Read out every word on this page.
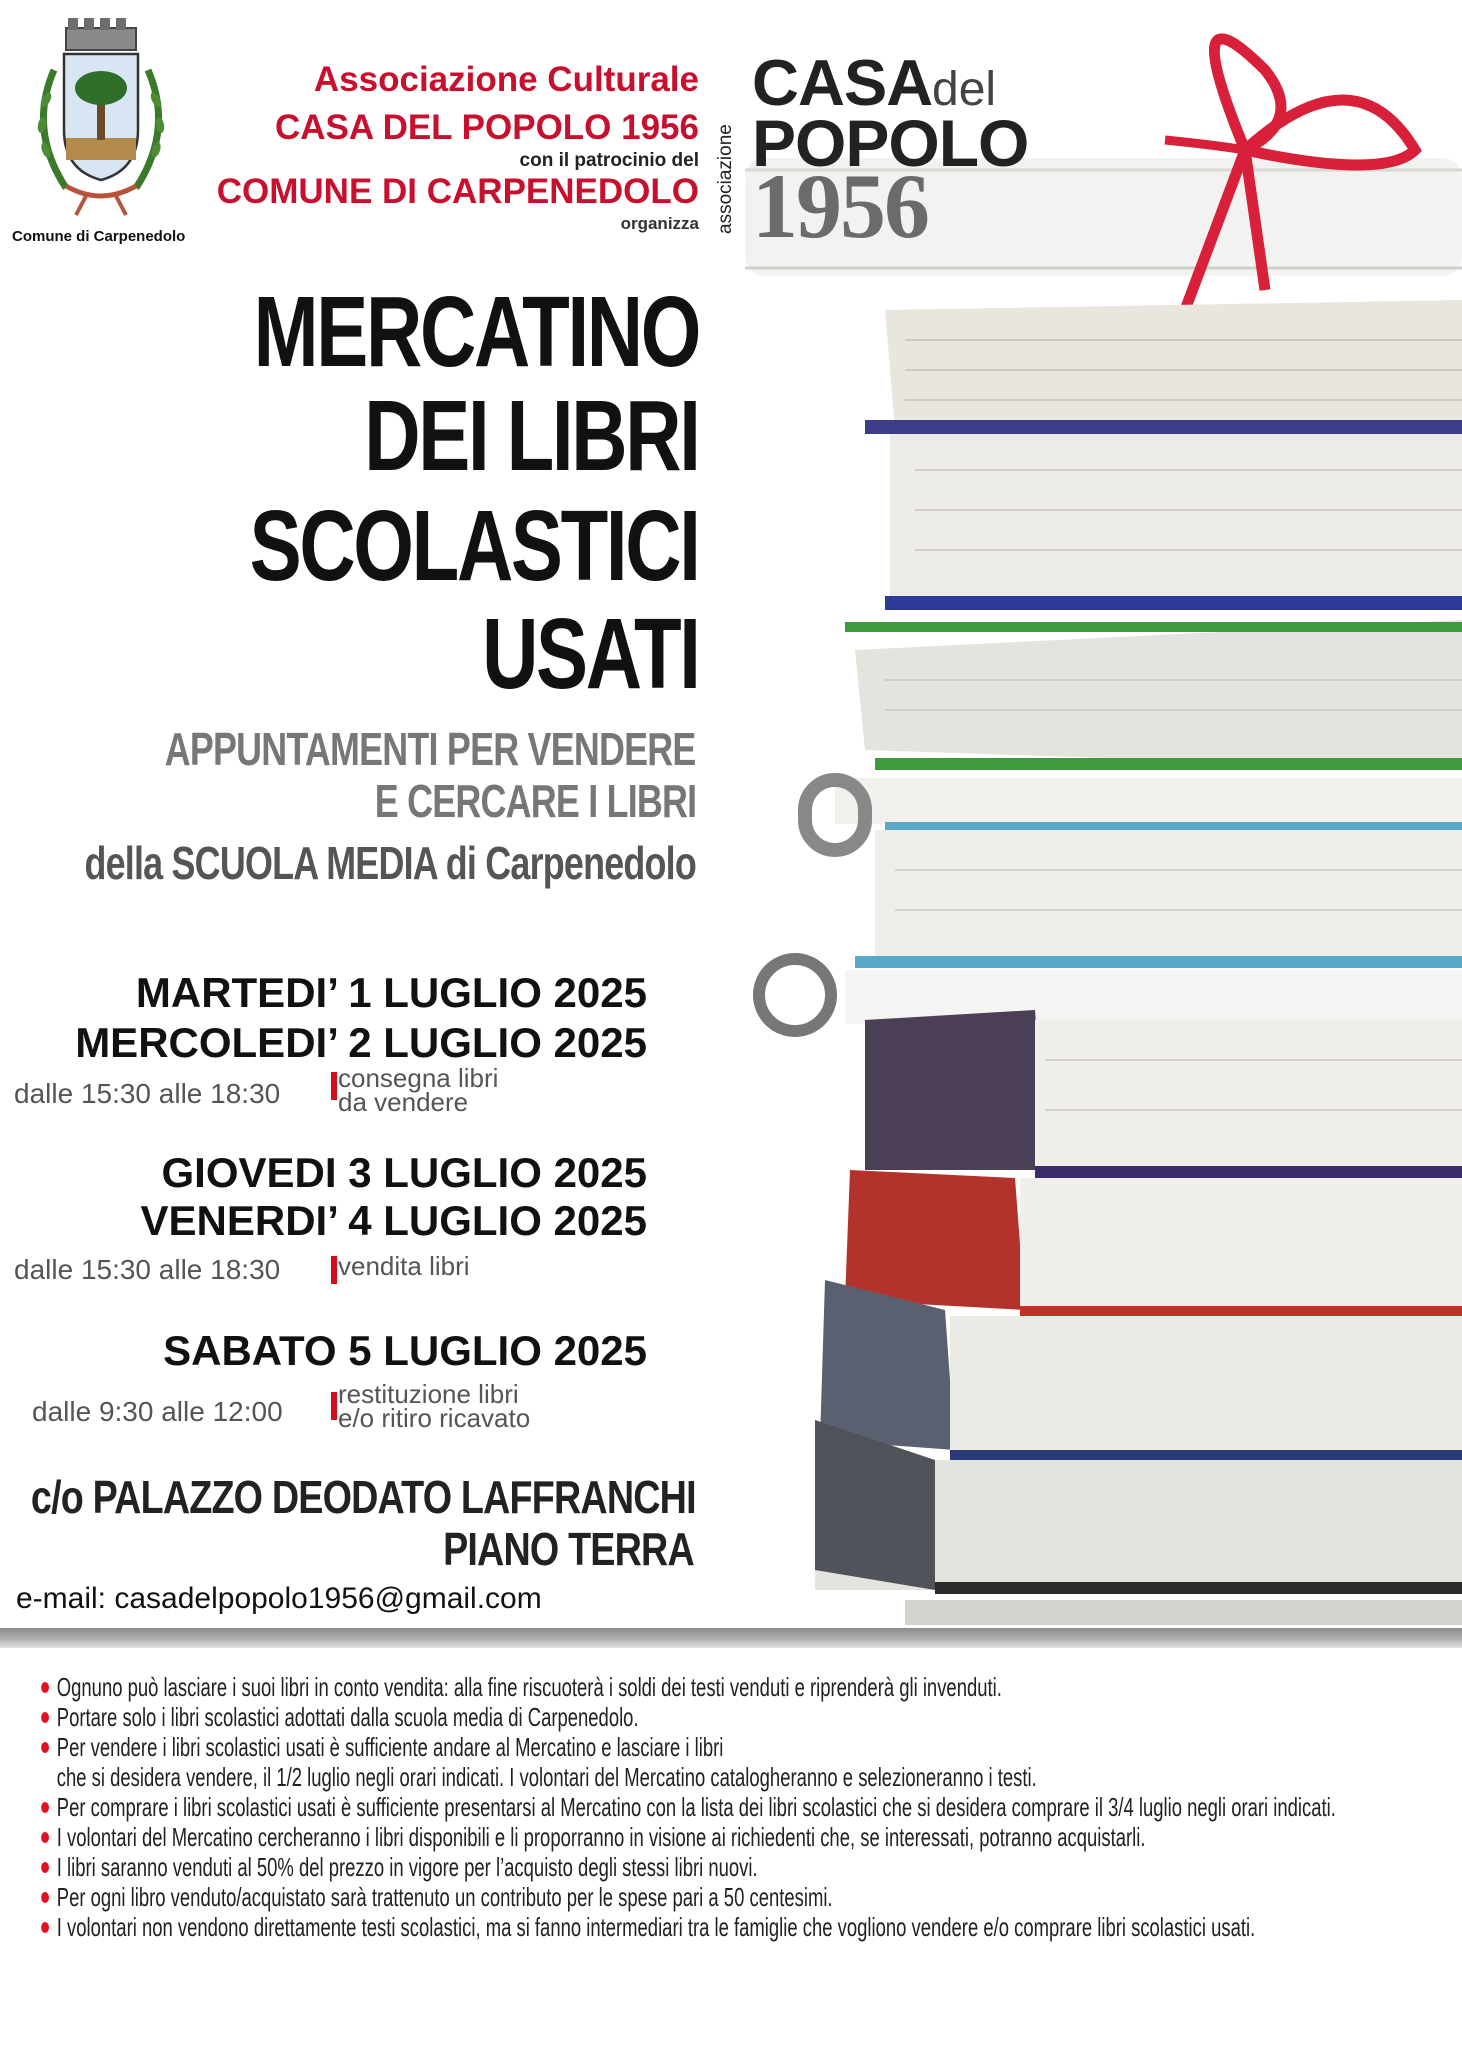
Comune di Carpenedolo
Associazione Culturale
CASA DEL POPOLO 1956
con il patrocinio del
COMUNE DI CARPENEDOLO
organizza associazione
CASA del
POPOLO
1956
MERCATINO
DEI LIBRI
SCOLASTICI
USATI
APPUNTAMENTI PER VENDERE
E CERCARE I LIBRI
della SCUOLA MEDIA di Carpenedolo
MARTEDI’ 1 LUGLIO 2025
MERCOLEDI’ 2 LUGLIO 2025
dalle 15:30 alle 18:30 consegna libri
da vendere
GIOVEDI 3 LUGLIO 2025
VENERDI’ 4 LUGLIO 2025
dalle 15:30 alle 18:30 vendita libri
SABATO 5 LUGLIO 2025
dalle 9:30 alle 12:00
restituzione libri
e/o ritiro ricavato
c/o PALAZZO DEODATO LAFFRANCHI
PIANO TERRA
e-mail: casadelpopolo1956@gmail.com
Ognuno può lasciare i suoi libri in conto vendita: alla fine riscuoterà i soldi dei testi venduti e riprenderà gli invenduti.
Portare solo i libri scolastici adottati dalla scuola media di Carpenedolo.
Per vendere i libri scolastici usati è sufficiente andare al Mercatino e lasciare i libri
che si desidera vendere, il 1/2 luglio negli orari indicati. I volontari del Mercatino catalogheranno e selezioneranno i testi.
Per comprare i libri scolastici usati è sufficiente presentarsi al Mercatino con la lista dei libri scolastici che si desidera comprare il 3/4 luglio negli orari indicati.
I volontari del Mercatino cercheranno i libri disponibili e li proporranno in visione ai richiedenti che, se interessati, potranno acquistarli.
I libri saranno venduti al 50% del prezzo in vigore per l’acquisto degli stessi libri nuovi.
Per ogni libro venduto/acquistato sarà trattenuto un contributo per le spese pari a 50 centesimi.
I volontari non vendono direttamente testi scolastici, ma si fanno intermediari tra le famiglie che vogliono vendere e/o comprare libri scolastici usati.
